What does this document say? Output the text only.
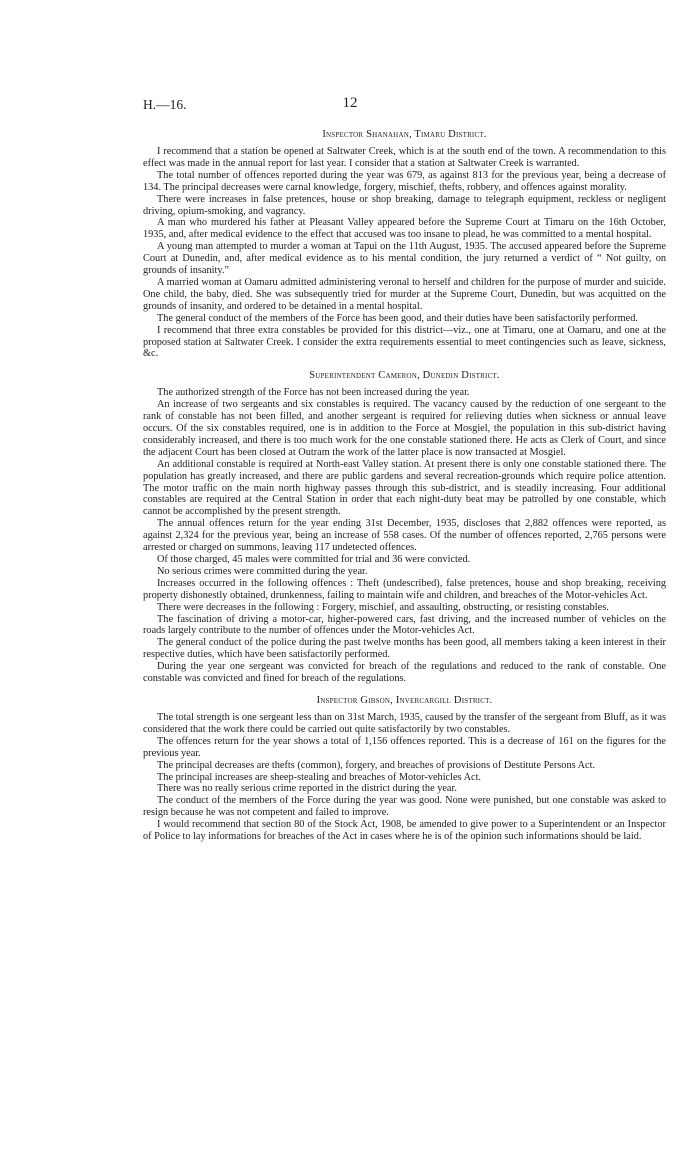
H.—16.	12
Inspector Shanahan, Timaru District.

I recommend that a station be opened at Saltwater Creek, which is at the south end of the town. A recommendation to this effect was made in the annual report for last year. I consider that a station at Saltwater Creek is warranted.

The total number of offences reported during the year was 679, as against 813 for the previous year, being a decrease of 134. The principal decreases were carnal knowledge, forgery, mischief, thefts, robbery, and offences against morality.

There were increases in false pretences, house or shop breaking, damage to telegraph equipment, reckless or negligent driving, opium-smoking, and vagrancy.

A man who murdered his father at Pleasant Valley appeared before the Supreme Court at Timaru on the 16th October, 1935, and, after medical evidence to the effect that accused was too insane to plead, he was committed to a mental hospital.

A young man attempted to murder a woman at Tapui on the 11th August, 1935. The accused appeared before the Supreme Court at Dunedin, and, after medical evidence as to his mental condition, the jury returned a verdict of “ Not guilty, on grounds of insanity.”

A married woman at Oamaru admitted administering veronal to herself and children for the purpose of murder and suicide. One child, the baby, died. She was subsequently tried for murder at the Supreme Court, Dunedin, but was acquitted on the grounds of insanity, and ordered to be detained in a mental hospital.

The general conduct of the members of the Force has been good, and their duties have been satisfactorily performed.

I recommend that three extra constables be provided for this district—viz., one at Timaru, one at Oamaru, and one at the proposed station at Saltwater Creek. I consider the extra requirements essential to meet contingencies such as leave, sickness, &c.

Superintendent Cameron, Dunedin District.

The authorized strength of the Force has not been increased during the year.

An increase of two sergeants and six constables is required. The vacancy caused by the reduction of one sergeant to the rank of constable has not been filled, and another sergeant is required for relieving duties when sickness or annual leave occurs. Of the six constables required, one is in addition to the Force at Mosgiel, the population in this sub-district having considerably increased, and there is too much work for the one constable stationed there. He acts as Clerk of Court, and since the adjacent Court has been closed at Outram the work of the latter place is now transacted at Mosgiel.

An additional constable is required at North-east Valley station. At present there is only one constable stationed there. The population has greatly increased, and there are public gardens and several recreation-grounds which require police attention. The motor traffic on the main north highway passes through this sub-district, and is steadily increasing. Four additional constables are required at the Central Station in order that each night-duty beat may be patrolled by one constable, which cannot be accomplished by the present strength.

The annual offences return for the year ending 31st December, 1935, discloses that 2,882 offences were reported, as against 2,324 for the previous year, being an increase of 558 cases. Of the number of offences reported, 2,765 persons were arrested or charged on summons, leaving 117 undetected offences.

Of those charged, 45 males were committed for trial and 36 were convicted.

No serious crimes were committed during the year.

Increases occurred in the following offences : Theft (undescribed), false pretences, house and shop breaking, receiving property dishonestly obtained, drunkenness, failing to maintain wife and children, and breaches of the Motor-vehicles Act.

There were decreases in the following : Forgery, mischief, and assaulting, obstructing, or resisting constables.

The fascination of driving a motor-car, higher-powered cars, fast driving, and the increased number of vehicles on the roads largely contribute to the number of offences under the Motor-vehicles Act.

The general conduct of the police during the past twelve months has been good, all members taking a keen interest in their respective duties, which have been satisfactorily performed.

During the year one sergeant was convicted for breach of the regulations and reduced to the rank of constable. One constable was convicted and fined for breach of the regulations.

Inspector Gibson, Invercargill District.

The total strength is one sergeant less than on 31st March, 1935, caused by the transfer of the sergeant from Bluff, as it was considered that the work there could be carried out quite satisfactorily by two constables.

The offences return for the year shows a total of 1,156 offences reported. This is a decrease of 161 on the figures for the previous year.

The principal decreases are thefts (common), forgery, and breaches of provisions of Destitute Persons Act.

The principal increases are sheep-stealing and breaches of Motor-vehicles Act.

There was no really serious crime reported in the district during the year.

The conduct of the members of the Force during the year was good. None were punished, but one constable was asked to resign because he was not competent and failed to improve.

I would recommend that section 80 of the Stock Act, 1908, be amended to give power to a Superintendent or an Inspector of Police to lay informations for breaches of the Act in cases where he is of the opinion such informations should be laid.
